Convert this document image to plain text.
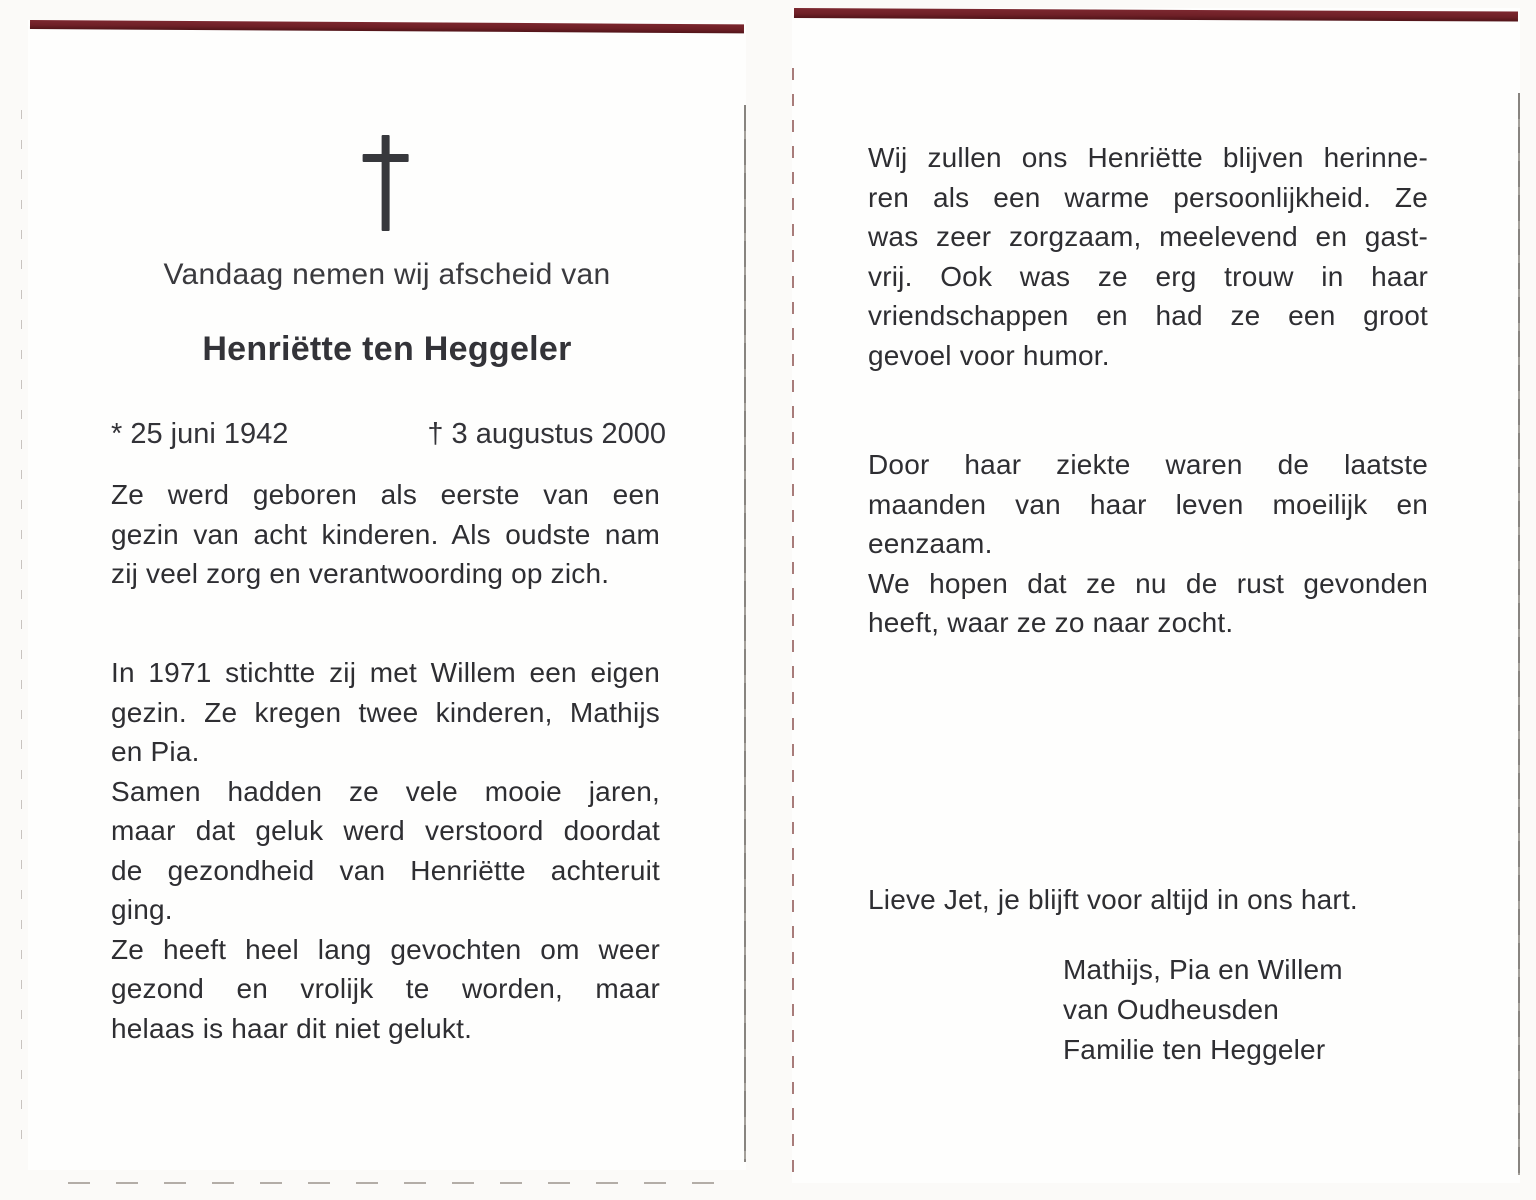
Vandaag nemen wij afscheid van
Henriëtte ten Heggeler
* 25 juni 1942	† 3 augustus 2000
Ze werd geboren als eerste van een
gezin van acht kinderen. Als oudste nam
zij veel zorg en verantwoording op zich.
In 1971 stichtte zij met Willem een eigen
gezin. Ze kregen twee kinderen, Mathijs
en Pia.
Samen hadden ze vele mooie jaren,
maar dat geluk werd verstoord doordat
de gezondheid van Henriëtte achteruit
ging.
Ze heeft heel lang gevochten om weer
gezond en vrolijk te worden, maar
helaas is haar dit niet gelukt.
Wij zullen ons Henriëtte blijven herinne-
ren als een warme persoonlijkheid. Ze
was zeer zorgzaam, meelevend en gast-
vrij. Ook was ze erg trouw in haar
vriendschappen en had ze een groot
gevoel voor humor.
Door haar ziekte waren de laatste
maanden van haar leven moeilijk en
eenzaam.
We hopen dat ze nu de rust gevonden
heeft, waar ze zo naar zocht.
Lieve Jet, je blijft voor altijd in ons hart.
Mathijs, Pia en Willem
van Oudheusden
Familie ten Heggeler
